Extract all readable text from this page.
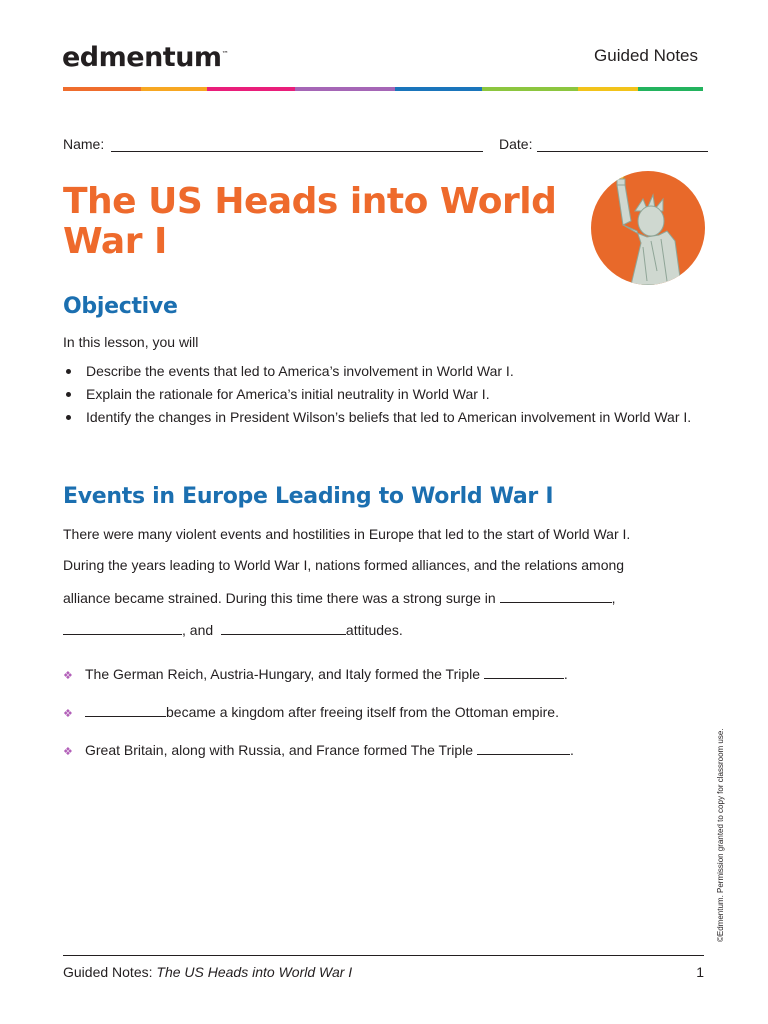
edmentum™	Guided Notes
Name:	Date:
The US Heads into World War I
Objective
In this lesson, you will
Describe the events that led to America’s involvement in World War I.
Explain the rationale for America’s initial neutrality in World War I.
Identify the changes in President Wilson’s beliefs that led to American involvement in World War I.
Events in Europe Leading to World War I
There were many violent events and hostilities in Europe that led to the start of World War I.
During the years leading to World War I, nations formed alliances, and the relations among
alliance became strained. During this time there was a strong surge in	,
, and	attitudes.
❖ The German Reich, Austria-Hungary, and Italy formed the Triple	.
❖	became a kingdom after freeing itself from the Ottoman empire.
❖ Great Britain, along with Russia, and France formed The Triple	.	©Edmentum. Permission granted to copy for classroom use.
Guided Notes: The US Heads into World War I	1
